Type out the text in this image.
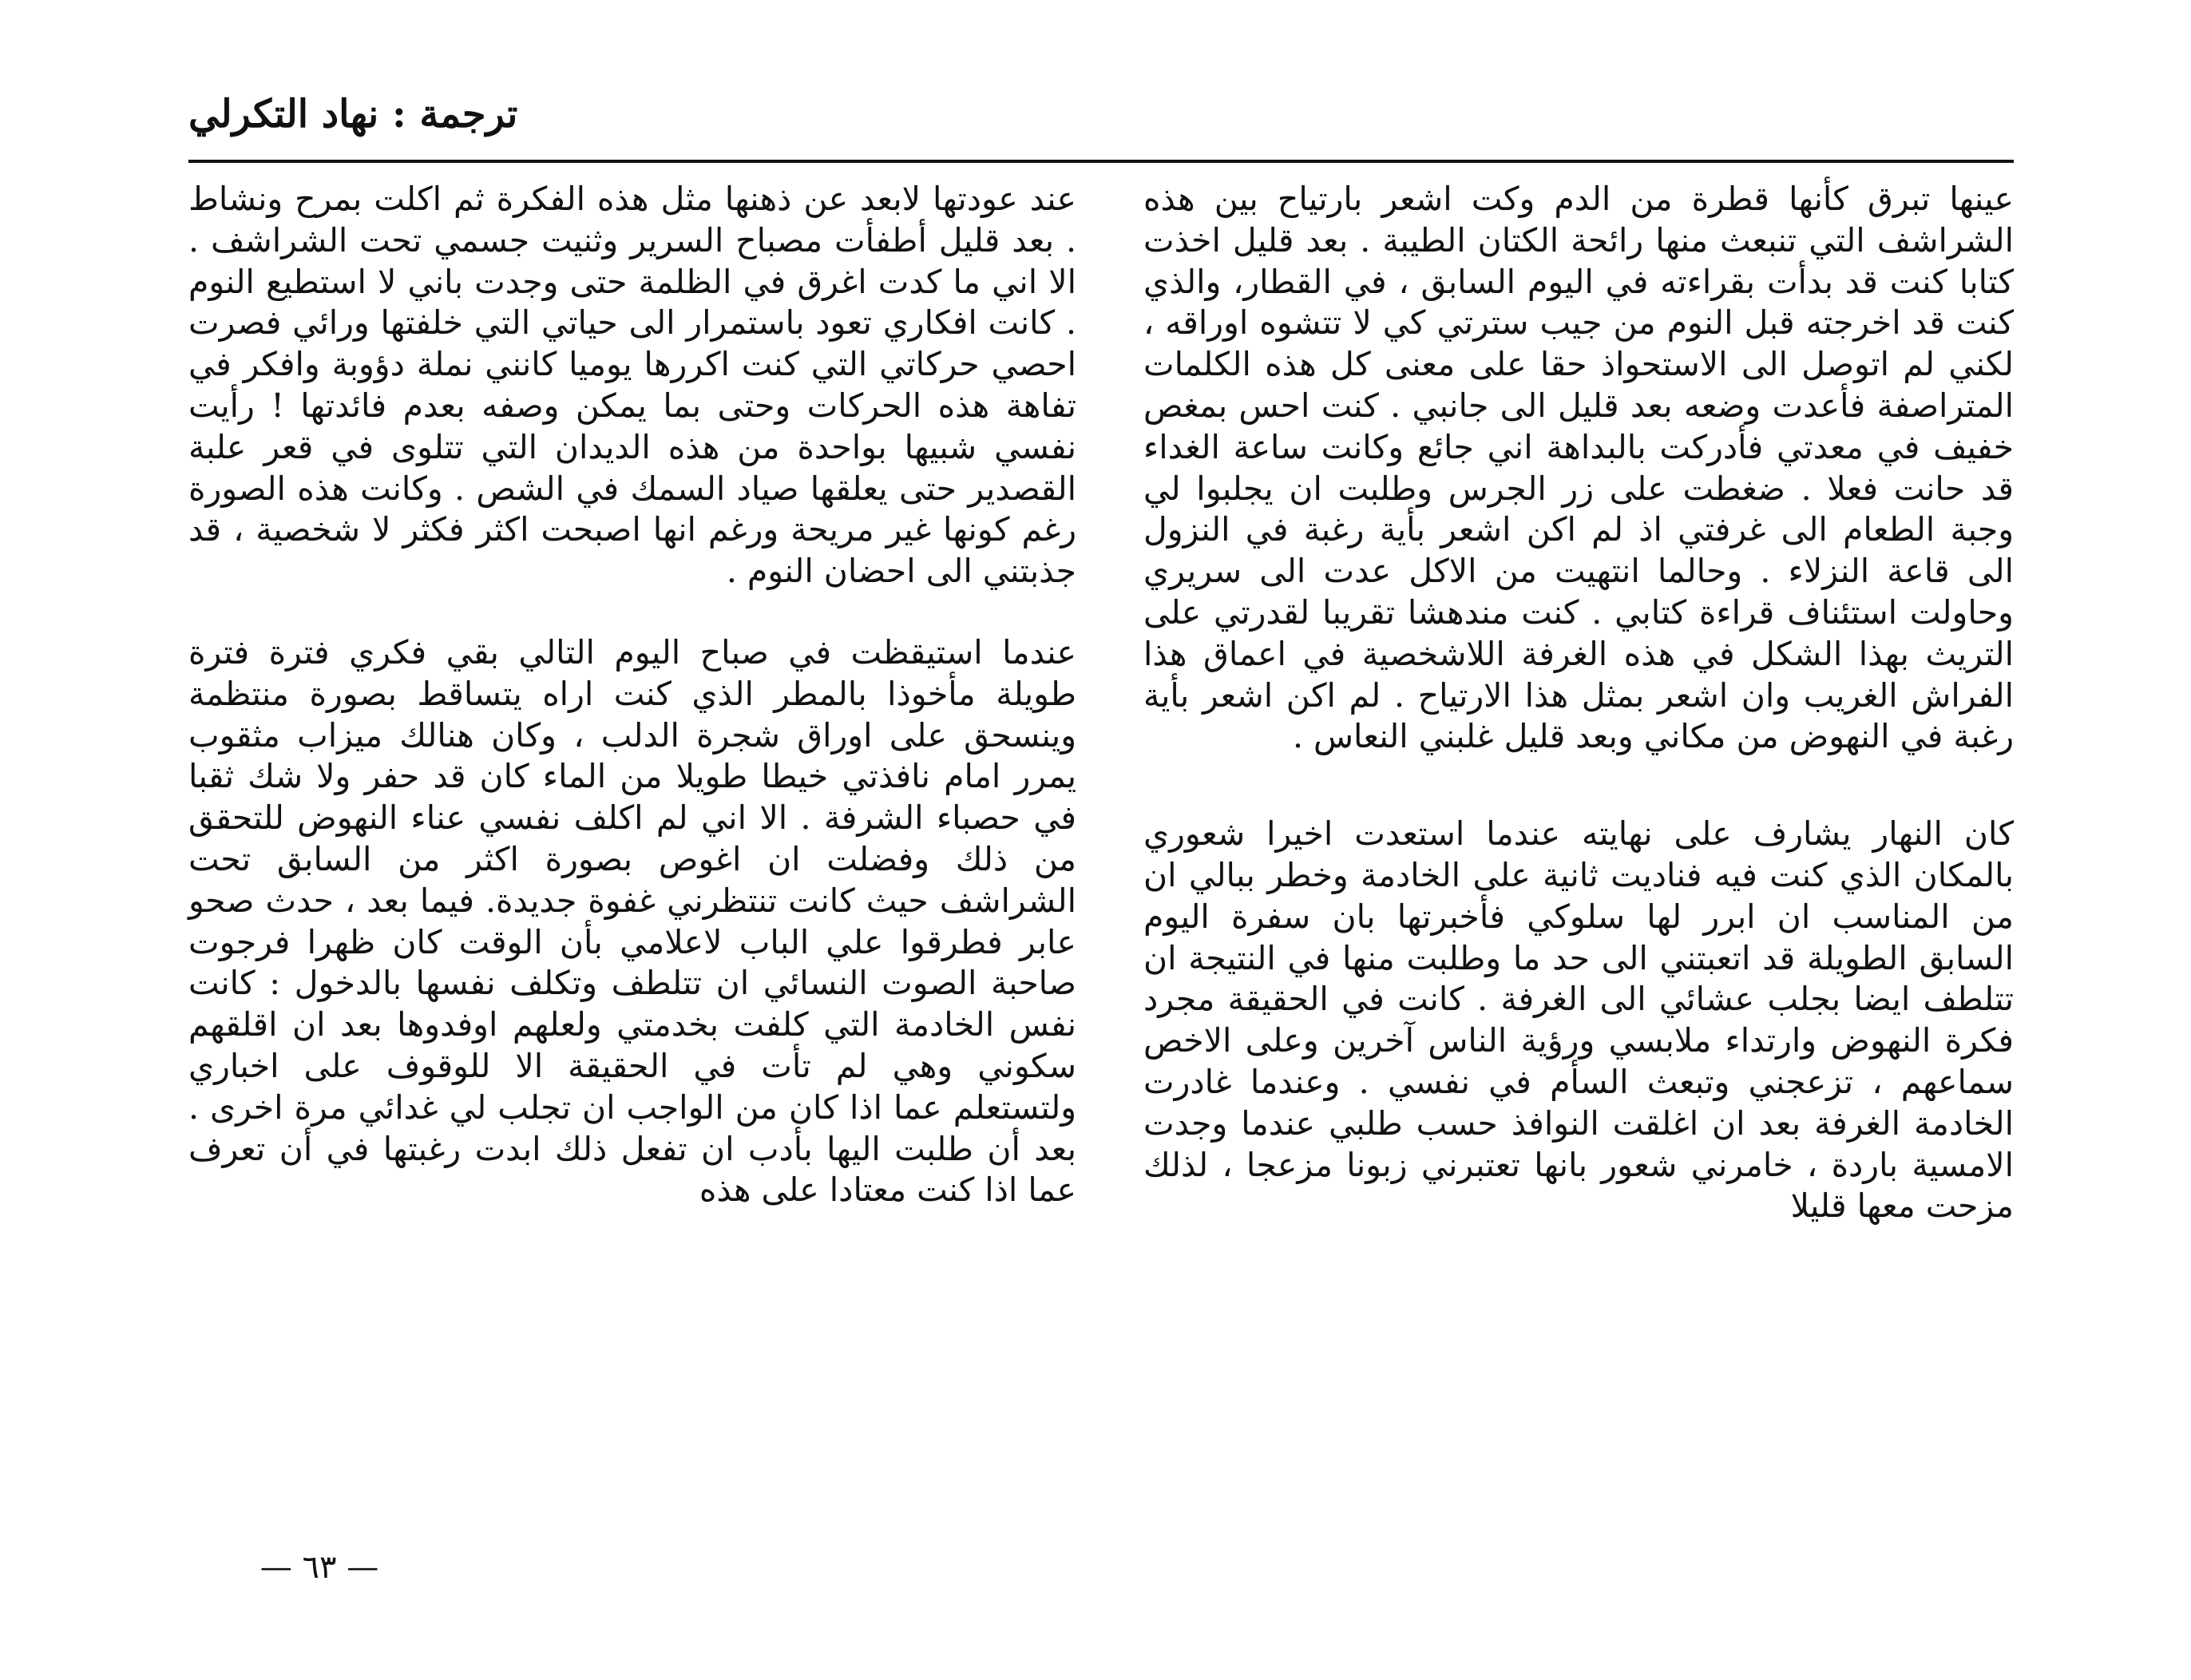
ترجمة : نهاد التكرلي

عينها تبرق كأنها قطرة من الدم وكت اشعر بارتياح بين هذه الشراشف التي تنبعث منها رائحة الكتان الطيبة . بعد قليل اخذت كتابا كنت قد بدأت بقراءته في اليوم السابق ، في القطار، والذي كنت قد اخرجته قبل النوم من جيب سترتي كي لا تتشوه اوراقه ، لكني لم اتوصل الى الاستحواذ حقا على معنى كل هذه الكلمات المتراصفة فأعدت وضعه بعد قليل الى جانبي . كنت احس بمغص خفيف في معدتي فأدركت بالبداهة اني جائع وكانت ساعة الغداء قد حانت فعلا . ضغطت على زر الجرس وطلبت ان يجلبوا لي وجبة الطعام الى غرفتي اذ لم اكن اشعر بأية رغبة في النزول الى قاعة النزلاء . وحالما انتهيت من الاكل عدت الى سريري وحاولت استئناف قراءة كتابي . كنت مندهشا تقريبا لقدرتي على التريث بهذا الشكل في هذه الغرفة اللاشخصية في اعماق هذا الفراش الغريب وان اشعر بمثل هذا الارتياح . لم اكن اشعر بأية رغبة في النهوض من مكاني وبعد قليل غلبني النعاس .

كان النهار يشارف على نهايته عندما استعدت اخيرا شعوري بالمكان الذي كنت فيه فناديت ثانية على الخادمة وخطر ببالي ان من المناسب ان ابرر لها سلوكي فأخبرتها بان سفرة اليوم السابق الطويلة قد اتعبتني الى حد ما وطلبت منها في النتيجة ان تتلطف ايضا بجلب عشائي الى الغرفة . كانت في الحقيقة مجرد فكرة النهوض وارتداء ملابسي ورؤية الناس آخرين وعلى الاخص سماعهم ، تزعجني وتبعث السأم في نفسي . وعندما غادرت الخادمة الغرفة بعد ان اغلقت النوافذ حسب طلبي عندما وجدت الامسية باردة ، خامرني شعور بانها تعتبرني زبونا مزعجا ، لذلك مزحت معها قليلا

عند عودتها لابعد عن ذهنها مثل هذه الفكرة ثم اكلت بمرح ونشاط . بعد قليل أطفأت مصباح السرير وثنيت جسمي تحت الشراشف . الا اني ما كدت اغرق في الظلمة حتى وجدت باني لا استطيع النوم . كانت افكاري تعود باستمرار الى حياتي التي خلفتها ورائي فصرت احصي حركاتي التي كنت اكررها يوميا كانني نملة دؤوبة وافكر في تفاهة هذه الحركات وحتى بما يمكن وصفه بعدم فائدتها ! رأيت نفسي شبيها بواحدة من هذه الديدان التي تتلوى في قعر علبة القصدير حتى يعلقها صياد السمك في الشص . وكانت هذه الصورة رغم كونها غير مريحة ورغم انها اصبحت اكثر فكثر لا شخصية ، قد جذبتني الى احضان النوم .

عندما استيقظت في صباح اليوم التالي بقي فكري فترة فترة طويلة مأخوذا بالمطر الذي كنت اراه يتساقط بصورة منتظمة وينسحق على اوراق شجرة الدلب ، وكان هنالك ميزاب مثقوب يمرر امام نافذتي خيطا طويلا من الماء كان قد حفر ولا شك ثقبا في حصباء الشرفة . الا اني لم اكلف نفسي عناء النهوض للتحقق من ذلك وفضلت ان اغوص بصورة اكثر من السابق تحت الشراشف حيث كانت تنتظرني غفوة جديدة. فيما بعد ، حدث صحو عابر فطرقوا علي الباب لاعلامي بأن الوقت كان ظهرا فرجوت صاحبة الصوت النسائي ان تتلطف وتكلف نفسها بالدخول : كانت نفس الخادمة التي كلفت بخدمتي ولعلهم اوفدوها بعد ان اقلقهم سكوني وهي لم تأت في الحقيقة الا للوقوف على اخباري ولتستعلم عما اذا كان من الواجب ان تجلب لي غدائي مرة اخرى . بعد أن طلبت اليها بأدب ان تفعل ذلك ابدت رغبتها في أن تعرف عما اذا كنت معتادا على هذه

— ٦٣ —
